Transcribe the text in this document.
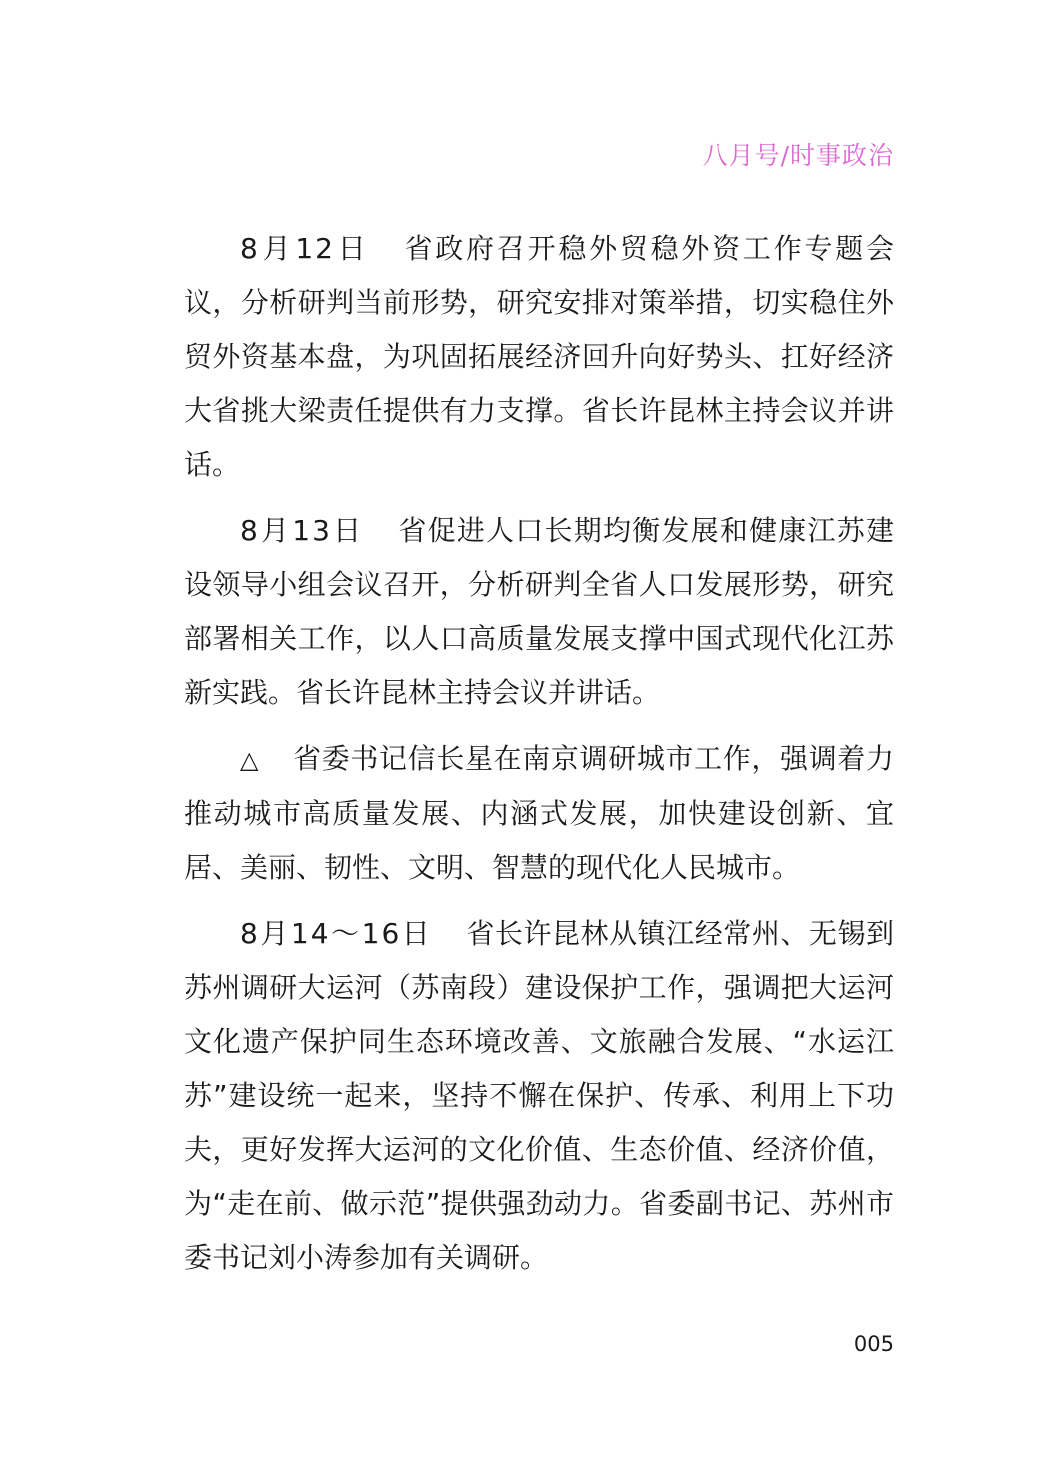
八月号/时事政治

8月12日 省政府召开稳外贸稳外资工作专题会议，分析研判当前形势，研究安排对策举措，切实稳住外贸外资基本盘，为巩固拓展经济回升向好势头、扛好经济大省挑大梁责任提供有力支撑。省长许昆林主持会议并讲话。

8月13日 省促进人口长期均衡发展和健康江苏建设领导小组会议召开，分析研判全省人口发展形势，研究部署相关工作，以人口高质量发展支撑中国式现代化江苏新实践。省长许昆林主持会议并讲话。

△ 省委书记信长星在南京调研城市工作，强调着力推动城市高质量发展、内涵式发展，加快建设创新、宜居、美丽、韧性、文明、智慧的现代化人民城市。

8月14～16日 省长许昆林从镇江经常州、无锡到苏州调研大运河（苏南段）建设保护工作，强调把大运河文化遗产保护同生态环境改善、文旅融合发展、“水运江苏”建设统一起来，坚持不懈在保护、传承、利用上下功夫，更好发挥大运河的文化价值、生态价值、经济价值，为“走在前、做示范”提供强劲动力。省委副书记、苏州市委书记刘小涛参加有关调研。

005
